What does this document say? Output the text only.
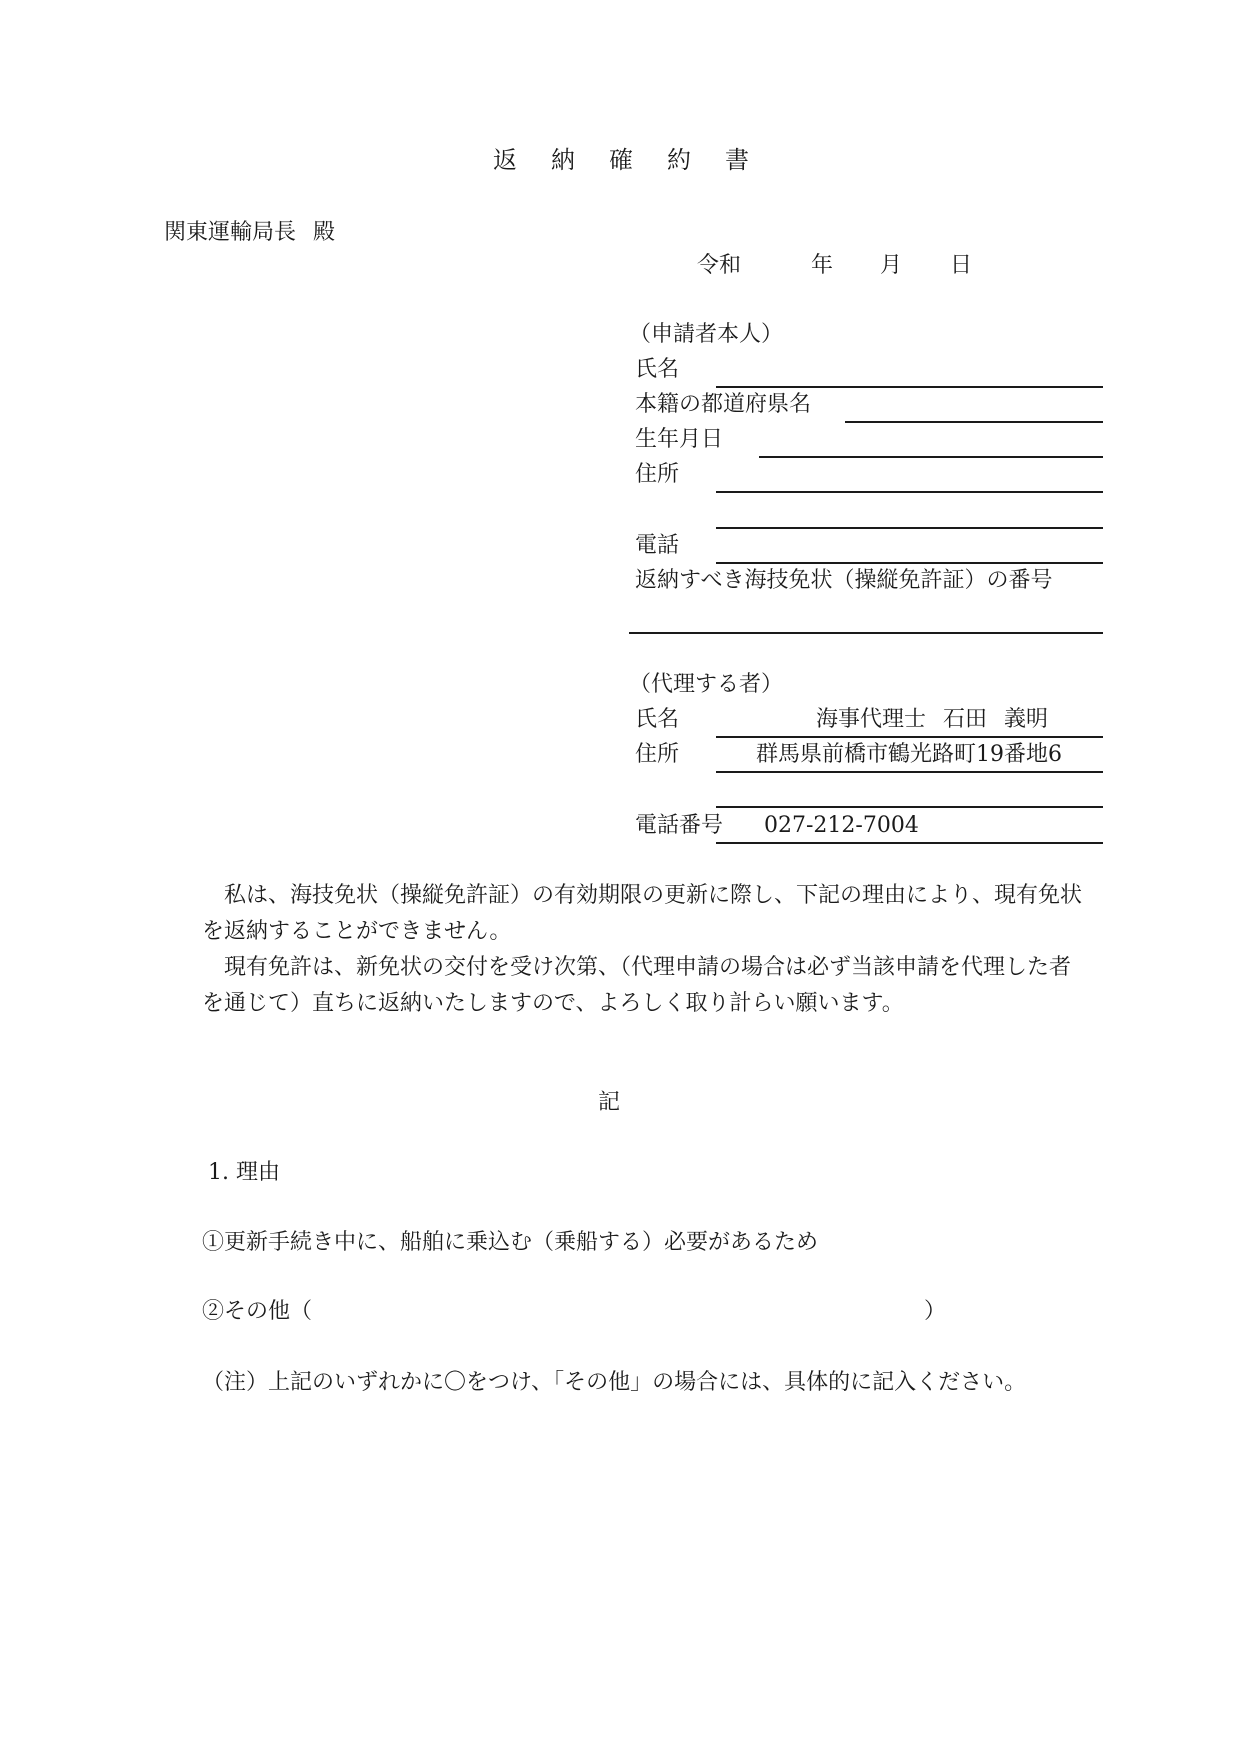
返 納 確 約 書
関東運輸局長 殿
令和	年 月 日
（申請者本人）
氏名
本籍の都道府県名
生年月日
住所
電話
返納すべき海技免状（操縦免許証）の番号
（代理する者）
氏名	海事代理士 石田 義明
住所	群馬県前橋市鶴光路町19番地6
電話番号 027-212-7004

私は、海技免状（操縦免許証）の有効期限の更新に際し、下記の理由により、現有免状を返納することができません。

現有免許は、新免状の交付を受け次第、（代理申請の場合は必ず当該申請を代理した者を通じて）直ちに返納いたしますので、よろしく取り計らい願います。

記
1. 理由
①更新手続き中に、船舶に乗込む（乗船する）必要があるため
②その他（	）
（注）上記のいずれかに〇をつけ、「その他」の場合には、具体的に記入ください。
